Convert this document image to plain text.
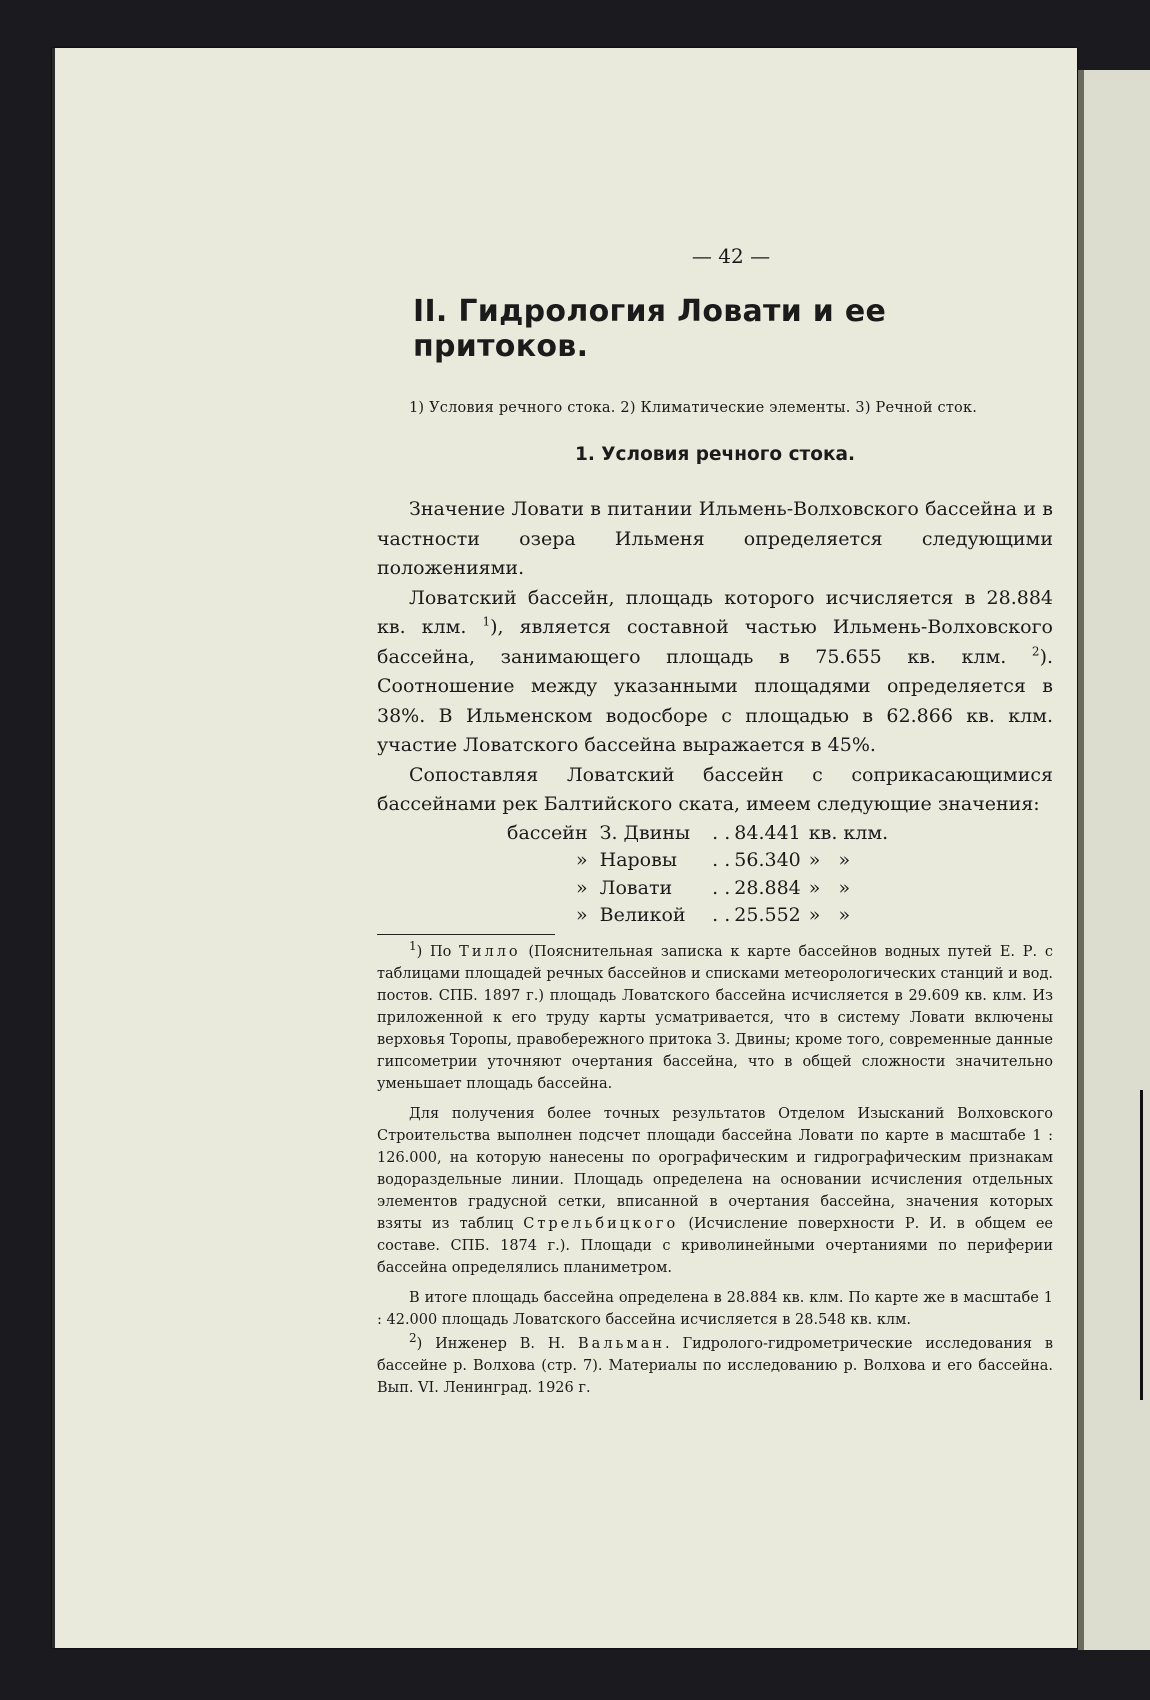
— 42 —
II. Гидрология Ловати и ее притоков.
1) Условия речного стока. 2) Климатические элементы. 3) Речной сток.
1. Условия речного стока.

Значение Ловати в питании Ильмень-Волховского бассейна и в частности озера Ильменя определяется следующими положениями.

Ловатский бассейн, площадь которого исчисляется в 28.884 кв. клм. $^1$), является составной частью Ильмень-Волховского бассейна, занимающего площадь в 75.655 кв. клм. $^2$). Соотношение между указанными площадями определяется в 38%. В Ильменском водосборе с площадью в 62.866 кв. клм. участие Ловатского бассейна выражается в 45%.

Сопоставляя Ловатский бассейн с соприкасающимися бассейнами рек Балтийского ската, имеем следующие значения:

бассейн	З. Двины	. .	84.441	кв. клм.
»	Наровы	. .	56.340	»   »
»	Ловати	. .	28.884	»   »
»	Великой	. .	25.552	»   »

$^1$) По Тилло (Пояснительная записка к карте бассейнов водных путей Е. Р. с таблицами площадей речных бассейнов и списками метеорологических станций и вод. постов. СПБ. 1897 г.) площадь Ловатского бассейна исчисляется в 29.609 кв. клм. Из приложенной к его труду карты усматривается, что в систему Ловати включены верховья Торопы, правобережного притока З. Двины; кроме того, современные данные гипсометрии уточняют очертания бассейна, что в общей сложности значительно уменьшает площадь бассейна.

Для получения более точных результатов Отделом Изысканий Волховского Строительства выполнен подсчет площади бассейна Ловати по карте в масштабе 1 : 126.000, на которую нанесены по орографическим и гидрографическим признакам водораздельные линии. Площадь определена на основании исчисления отдельных элементов градусной сетки, вписанной в очертания бассейна, значения которых взяты из таблиц Стрельбицкого (Исчисление поверхности Р. И. в общем ее составе. СПБ. 1874 г.). Площади с криволинейными очертаниями по периферии бассейна определялись планиметром.

В итоге площадь бассейна определена в 28.884 кв. клм. По карте же в масштабе 1 : 42.000 площадь Ловатского бассейна исчисляется в 28.548 кв. клм.

$^2$) Инженер В. Н. Вальман. Гидролого-гидрометрические исследования в бассейне р. Волхова (стр. 7). Материалы по исследованию р. Волхова и его бассейна. Вып. VI. Ленинград. 1926 г.
